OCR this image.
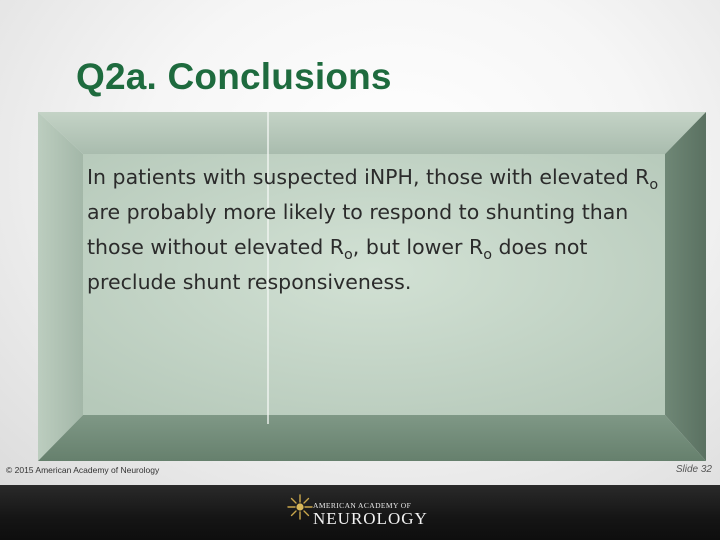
Q2a. Conclusions

In patients with suspected iNPH, those with elevated $R_o$ are probably more likely to respond to shunting than those without elevated $R_o$, but lower $R_o$ does not preclude shunt responsiveness.

© 2015 American Academy of Neurology	Slide 32
AMERICAN ACADEMY OF
NEUROLOGY
